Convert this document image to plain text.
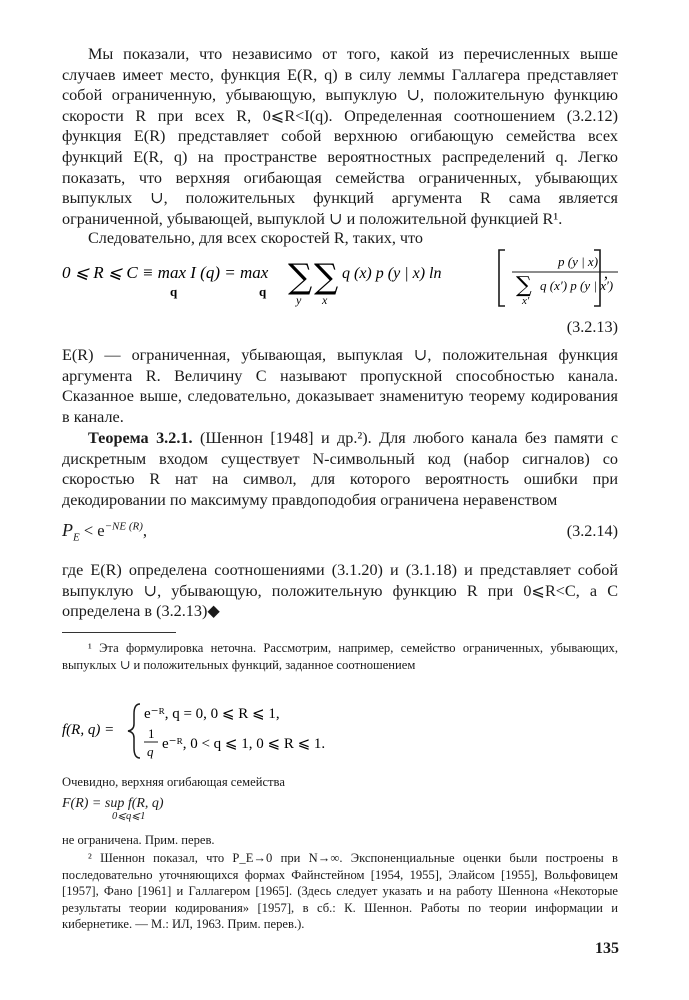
Мы показали, что независимо от того, какой из перечисленных выше случаев имеет место, функция E(R, q) в силу леммы Галлагера представляет собой ограниченную, убывающую, выпуклую ∪, положительную функцию скорости R при всех R, 0⩽R<I(q). Определенная соотношением (3.2.12) функция E(R) представляет собой верхнюю огибающую семейства всех функций E(R, q) на пространстве вероятностных распределений q. Легко показать, что верхняя огибающая семейства ограниченных, убывающих выпуклых ∪, положительных функций аргумента R сама является ограниченной, убывающей, выпуклой ∪ и положительной функцией R¹.

Следовательно, для всех скоростей R, таких, что

0 ⩽ R ⩽ C ≡ max I (q) = max
q	q ∑
y
∑
x
q (x) p (y | x) ln
p (y | x)
∑ q (x′) p (y | x′)
x′
,
(3.2.13)

E(R) — ограниченная, убывающая, выпуклая ∪, положительная функция аргумента R. Величину C называют пропускной способностью канала. Сказанное выше, следовательно, доказывает знаменитую теорему кодирования в канале.

Теорема 3.2.1. (Шеннон [1948] и др.²). Для любого канала без памяти с дискретным входом существует N-символьный код (набор сигналов) со скоростью R нат на символ, для которого вероятность ошибки при декодировании по максимуму правдоподобия ограничена неравенством

$P_E < e^{-NE (R)}$,	(3.2.14)

где E(R) определена соотношениями (3.1.20) и (3.1.18) и представляет собой выпуклую ∪, убывающую, положительную функцию R при 0⩽R<C, а C определена в (3.2.13)◆

¹ Эта формулировка неточна. Рассмотрим, например, семейство ограниченных, убывающих, выпуклых ∪ и положительных функций, заданное соотношением

f(R, q) =
e⁻ᴿ, q = 0, 0 ⩽ R ⩽ 1,
1
q e⁻ᴿ, 0 < q ⩽ 1, 0 ⩽ R ⩽ 1.

Очевидно, верхняя огибающая семейства

F(R) = sup f(R, q)
0⩽q⩽1

не ограничена. Прим. перев.

² Шеннон показал, что P_E→0 при N→∞. Экспоненциальные оценки были построены в последовательно уточняющихся формах Файнстейном [1954, 1955], Элайсом [1955], Вольфовицем [1957], Фано [1961] и Галлагером [1965]. (Здесь следует указать и на работу Шеннона «Некоторые результаты теории кодирования» [1957], в сб.: К. Шеннон. Работы по теории информации и кибернетике. — М.: ИЛ, 1963. Прим. перев.).

135
